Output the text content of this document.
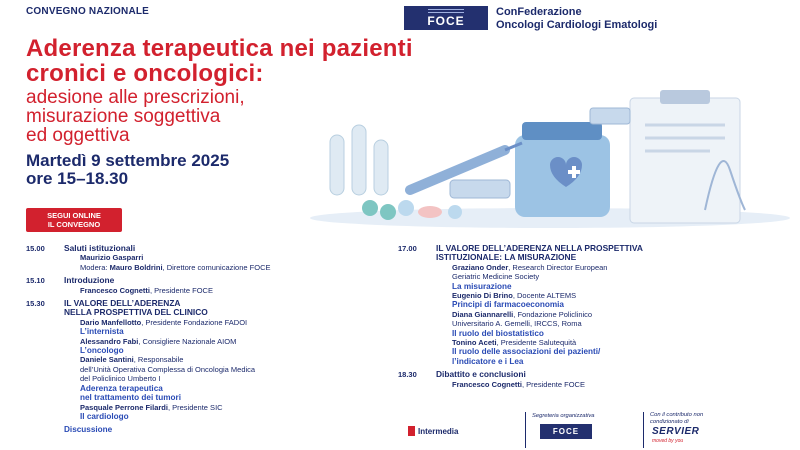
CONVEGNO NAZIONALE
FOCE
ConFederazione
Oncologi Cardiologi Ematologi
Aderenza terapeutica nei pazienti
cronici e oncologici:
adesione alle prescrizioni,
misurazione soggettiva
ed oggettiva
Martedì 9 settembre 2025
ore 15–18.30
SEGUI ONLINE
IL CONVEGNO
15.00 Saluti istituzionali
Maurizio Gasparri
Modera: Mauro Boldrini, Direttore comunicazione FOCE
15.10 Introduzione
Francesco Cognetti, Presidente FOCE
15.30 IL VALORE DELL’ADERENZA
NELLA PROSPETTIVA DEL CLINICO
Dario Manfellotto, Presidente Fondazione FADOI
L’internista
Alessandro Fabi, Consigliere Nazionale AIOM
L’oncologo
Daniele Santini, Responsabile
dell’Unità Operativa Complessa di Oncologia Medica
del Policlinico Umberto I
Aderenza terapeutica
nel trattamento dei tumori
Pasquale Perrone Filardi, Presidente SIC
Il cardiologo
Discussione
17.00 IL VALORE DELL’ADERENZA NELLA PROSPETTIVA
ISTITUZIONALE: LA MISURAZIONE
Graziano Onder, Research Director European
Geriatric Medicine Society
La misurazione
Eugenio Di Brino, Docente ALTEMS
Principi di farmacoeconomia
Diana Giannarelli, Fondazione Policlinico
Universitario A. Gemelli, IRCCS, Roma
Il ruolo del biostatistico
Tonino Aceti, Presidente Salutequità
Il ruolo delle associazioni dei pazienti/
l’indicatore e i Lea
18.30 Dibattito e conclusioni
Francesco Cognetti, Presidente FOCE
Intermedia
Segreteria organizzativa
FOCE
Con il contributo non
condizionato di
SERVIER
moved by you
